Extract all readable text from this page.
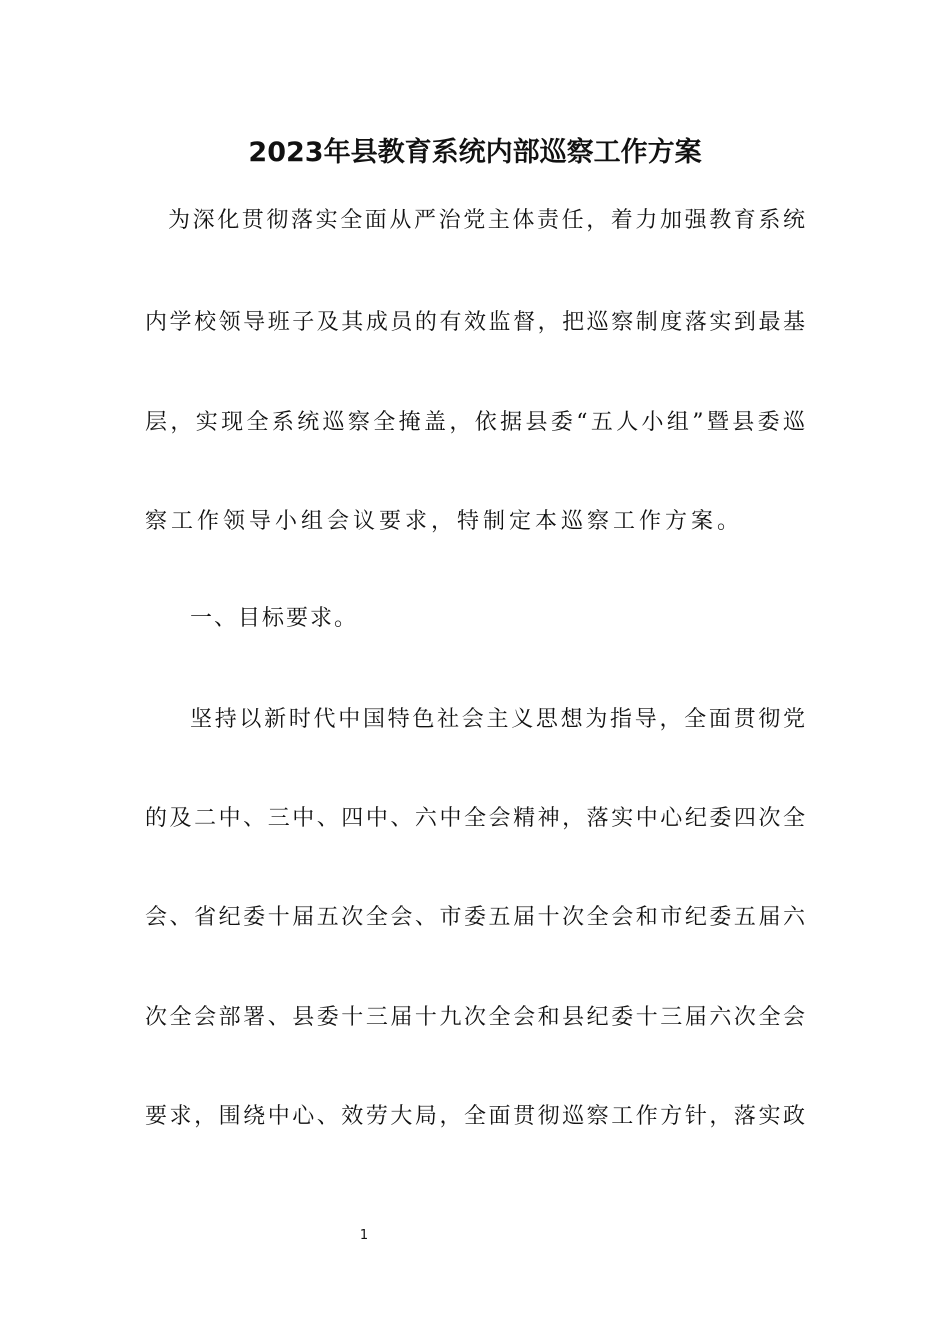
2023年县教育系统内部巡察工作方案
为深化贯彻落实全面从严治党主体责任，着力加强教育系统
内学校领导班子及其成员的有效监督，把巡察制度落实到最基
层，实现全系统巡察全掩盖，依据县委“五人小组”暨县委巡
察工作领导小组会议要求，特制定本巡察工作方案。
一、目标要求。
坚持以新时代中国特色社会主义思想为指导，全面贯彻党
的及二中、三中、四中、六中全会精神，落实中心纪委四次全
会、省纪委十届五次全会、市委五届十次全会和市纪委五届六
次全会部署、县委十三届十九次全会和县纪委十三届六次全会
要求，围绕中心、效劳大局，全面贯彻巡察工作方针，落实政
1
